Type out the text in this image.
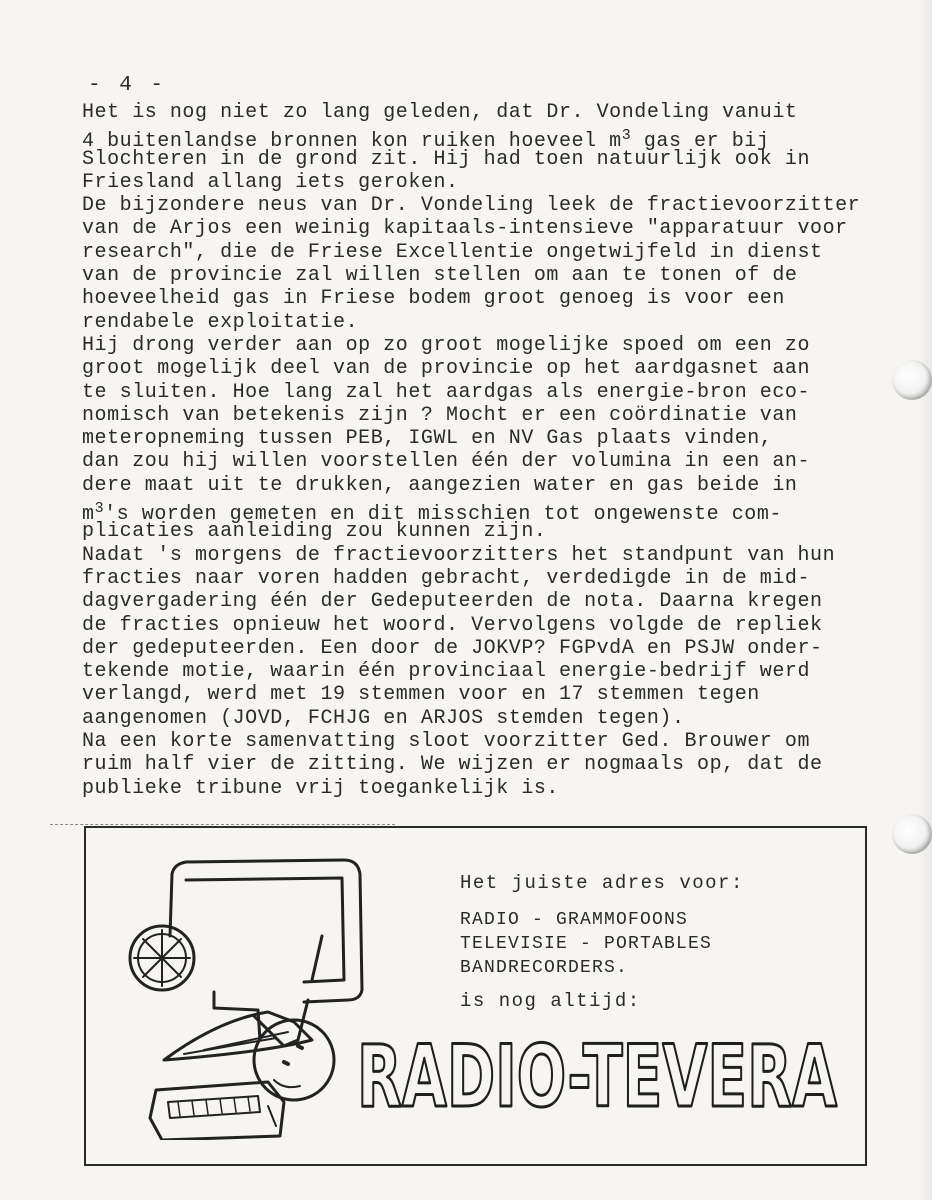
- 4 -
Het is nog niet zo lang geleden, dat Dr. Vondeling vanuit
4 buitenlandse bronnen kon ruiken hoeveel $m^3$ gas er bij
Slochteren in de grond zit. Hij had toen natuurlijk ook in
Friesland allang iets geroken.
De bijzondere neus van Dr. Vondeling leek de fractievoorzitter
van de Arjos een weinig kapitaals-intensieve "apparatuur voor
research", die de Friese Excellentie ongetwijfeld in dienst
van de provincie zal willen stellen om aan te tonen of de
hoeveelheid gas in Friese bodem groot genoeg is voor een
rendabele exploitatie.
Hij drong verder aan op zo groot mogelijke spoed om een zo
groot mogelijk deel van de provincie op het aardgasnet aan
te sluiten. Hoe lang zal het aardgas als energie-bron eco-
nomisch van betekenis zijn ? Mocht er een coördinatie van
meteropneming tussen PEB, IGWL en NV Gas plaats vinden,
dan zou hij willen voorstellen één der volumina in een an-
dere maat uit te drukken, aangezien water en gas beide in
$m^3's$ worden gemeten en dit misschien tot ongewenste com-
plicaties aanleiding zou kunnen zijn.
Nadat 's morgens de fractievoorzitters het standpunt van hun
fracties naar voren hadden gebracht, verdedigde in de mid-
dagvergadering één der Gedeputeerden de nota. Daarna kregen
de fracties opnieuw het woord. Vervolgens volgde de repliek
der gedeputeerden. Een door de JOKVP? FGPvdA en PSJW onder-
tekende motie, waarin één provinciaal energie-bedrijf werd
verlangd, werd met 19 stemmen voor en 17 stemmen tegen
aangenomen (JOVD, FCHJG en ARJOS stemden tegen).
Na een korte samenvatting sloot voorzitter Ged. Brouwer om
ruim half vier de zitting. We wijzen er nogmaals op, dat de
publieke tribune vrij toegankelijk is.
Het juiste adres voor:
RADIO - GRAMMOFOONS
TELEVISIE - PORTABLES
BANDRECORDERS.
is nog altijd:
RADIO-TEVERA
